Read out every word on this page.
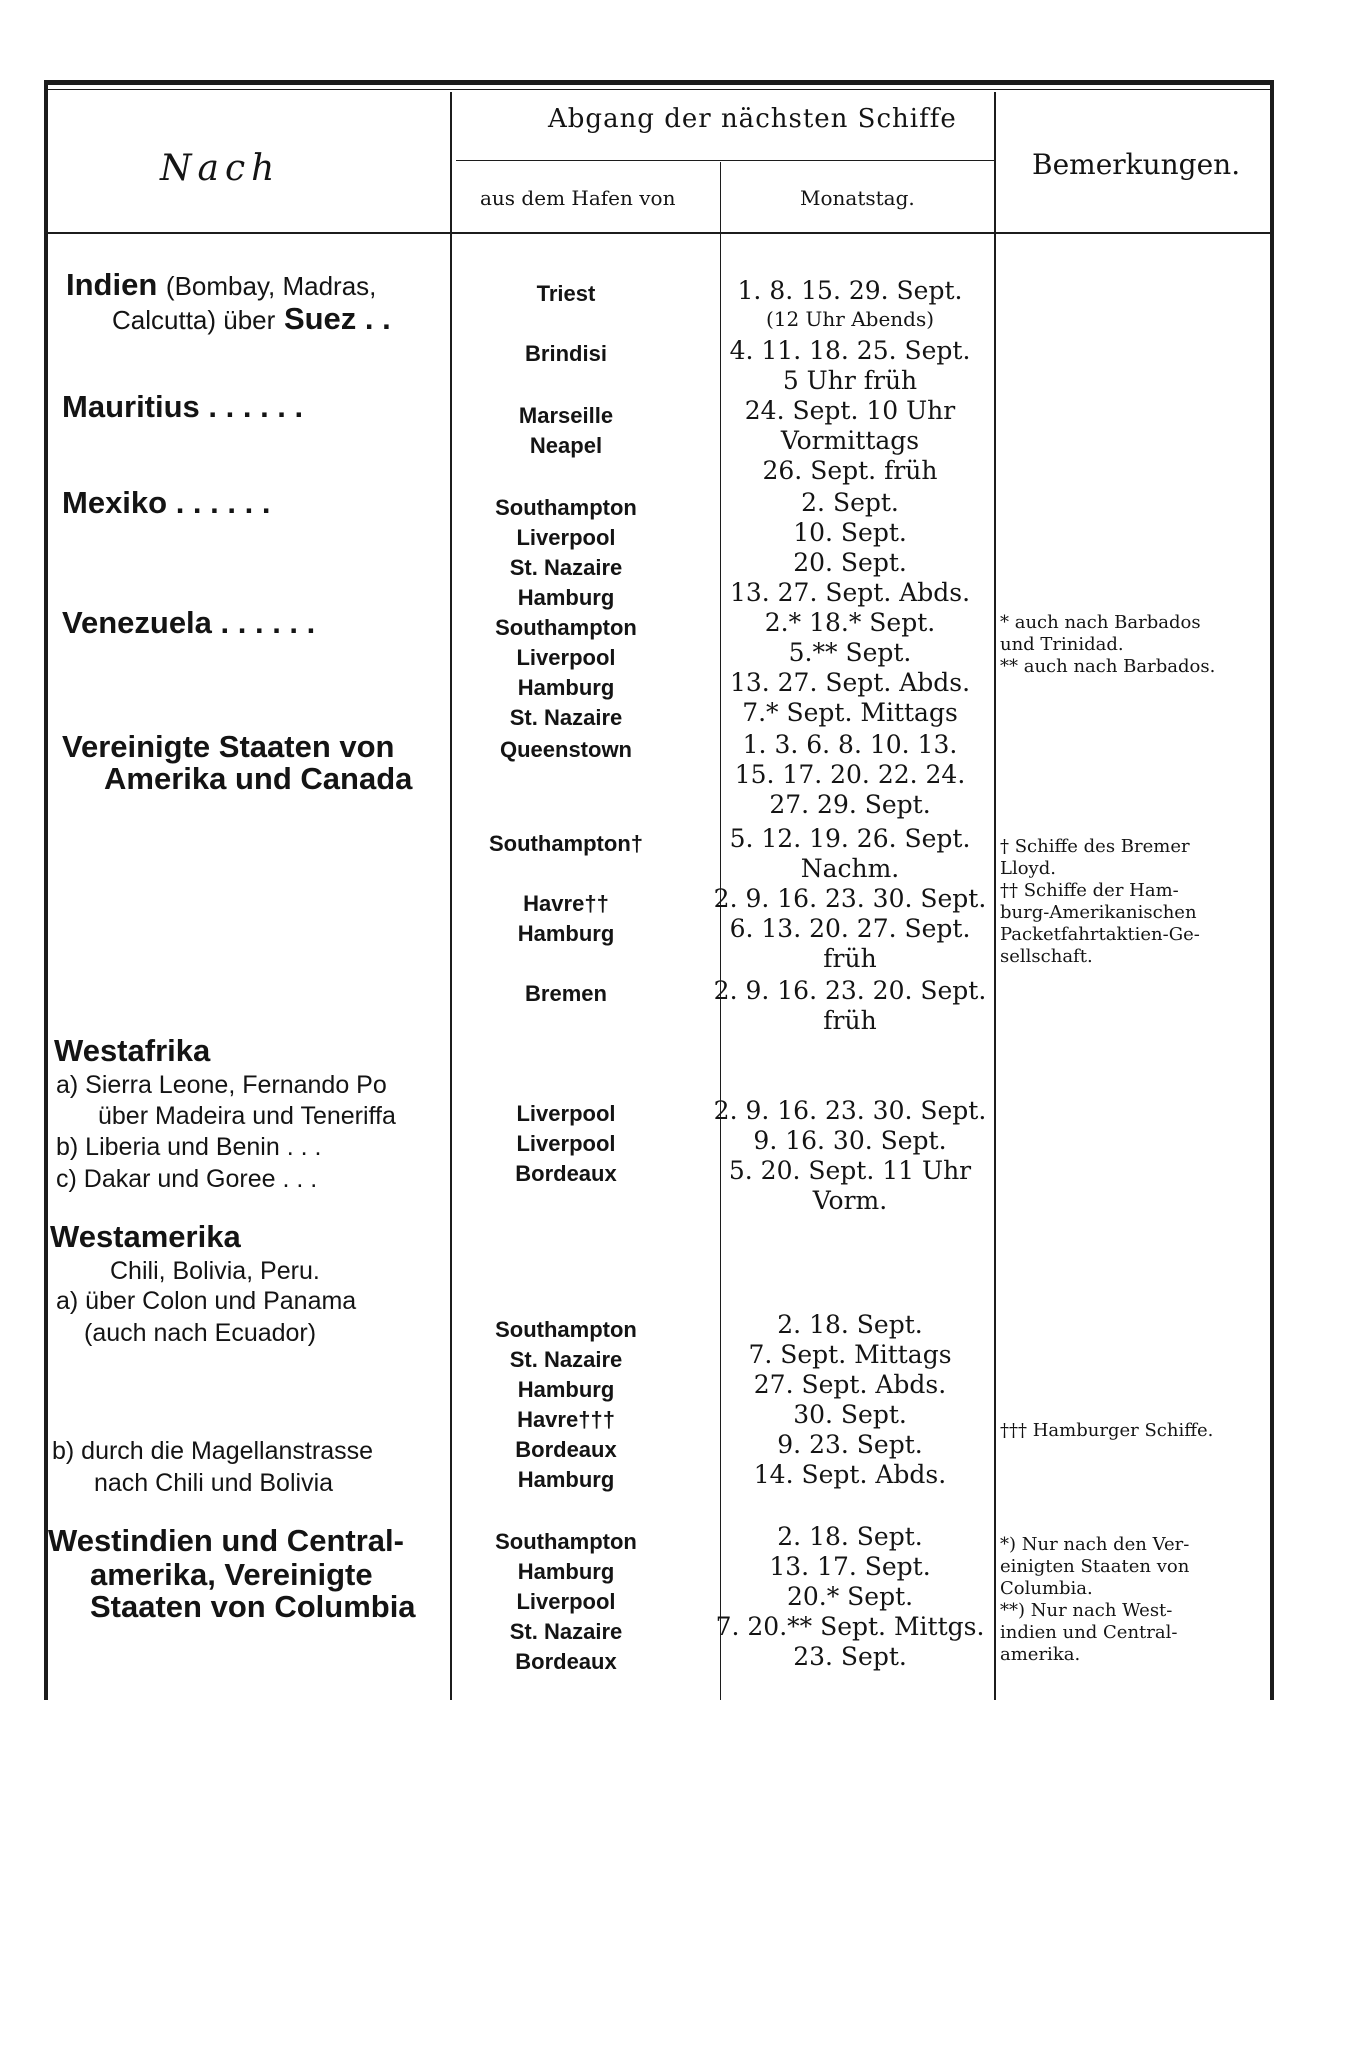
Nach
Abgang der nächsten Schiffe
aus dem Hafen von	Monatstag.
Bemerkungen.
Indien (Bombay, Madras,
Calcutta) über Suez . .
Mauritius . . . . . .
Mexiko . . . . . .
Venezuela . . . . . .
Vereinigte Staaten von
Amerika und Canada
Westafrika
a) Sierra Leone, Fernando Po
über Madeira und Teneriffa
b) Liberia und Benin . . .
c) Dakar und Goree . . .
Westamerika
Chili, Bolivia, Peru.
a) über Colon und Panama
(auch nach Ecuador)
b) durch die Magellanstrasse
nach Chili und Bolivia
Westindien und Central-
amerika, Vereinigte
Staaten von Columbia
Triest
Brindisi
Marseille
Neapel
Southampton
Liverpool
St. Nazaire
Hamburg
Southampton
Liverpool
Hamburg
St. Nazaire
Queenstown
Southampton†
Havre††
Hamburg
Bremen
Liverpool
Liverpool
Bordeaux
Southampton
St. Nazaire
Hamburg
Havre†††
Bordeaux
Hamburg
Southampton
Hamburg
Liverpool
St. Nazaire
Bordeaux
1. 8. 15. 29. Sept.
(12 Uhr Abends)
4. 11. 18. 25. Sept.
5 Uhr früh
24. Sept. 10 Uhr
Vormittags
26. Sept. früh
2. Sept.
10. Sept.
20. Sept.
13. 27. Sept. Abds.
2.* 18.* Sept.
5.** Sept.
13. 27. Sept. Abds.
7.* Sept. Mittags
1. 3. 6. 8. 10. 13.
15. 17. 20. 22. 24.
27. 29. Sept.
5. 12. 19. 26. Sept.
Nachm.
2. 9. 16. 23. 30. Sept.
6. 13. 20. 27. Sept.
früh
2. 9. 16. 23. 20. Sept.
früh
2. 9. 16. 23. 30. Sept.
9. 16. 30. Sept.
5. 20. Sept. 11 Uhr
Vorm.
2. 18. Sept.
7. Sept. Mittags
27. Sept. Abds.
30. Sept.
9. 23. Sept.
14. Sept. Abds.
2. 18. Sept.
13. 17. Sept.
20.* Sept.
7. 20.** Sept. Mittgs.
23. Sept.
* auch nach Barbados
und Trinidad.
** auch nach Barbados.
† Schiffe des Bremer
Lloyd.
†† Schiffe der Ham-
burg-Amerikanischen
Packetfahrtaktien-Ge-
sellschaft.
††† Hamburger Schiffe.
*) Nur nach den Ver-
einigten Staaten von
Columbia.
**) Nur nach West-
indien und Central-
amerika.
